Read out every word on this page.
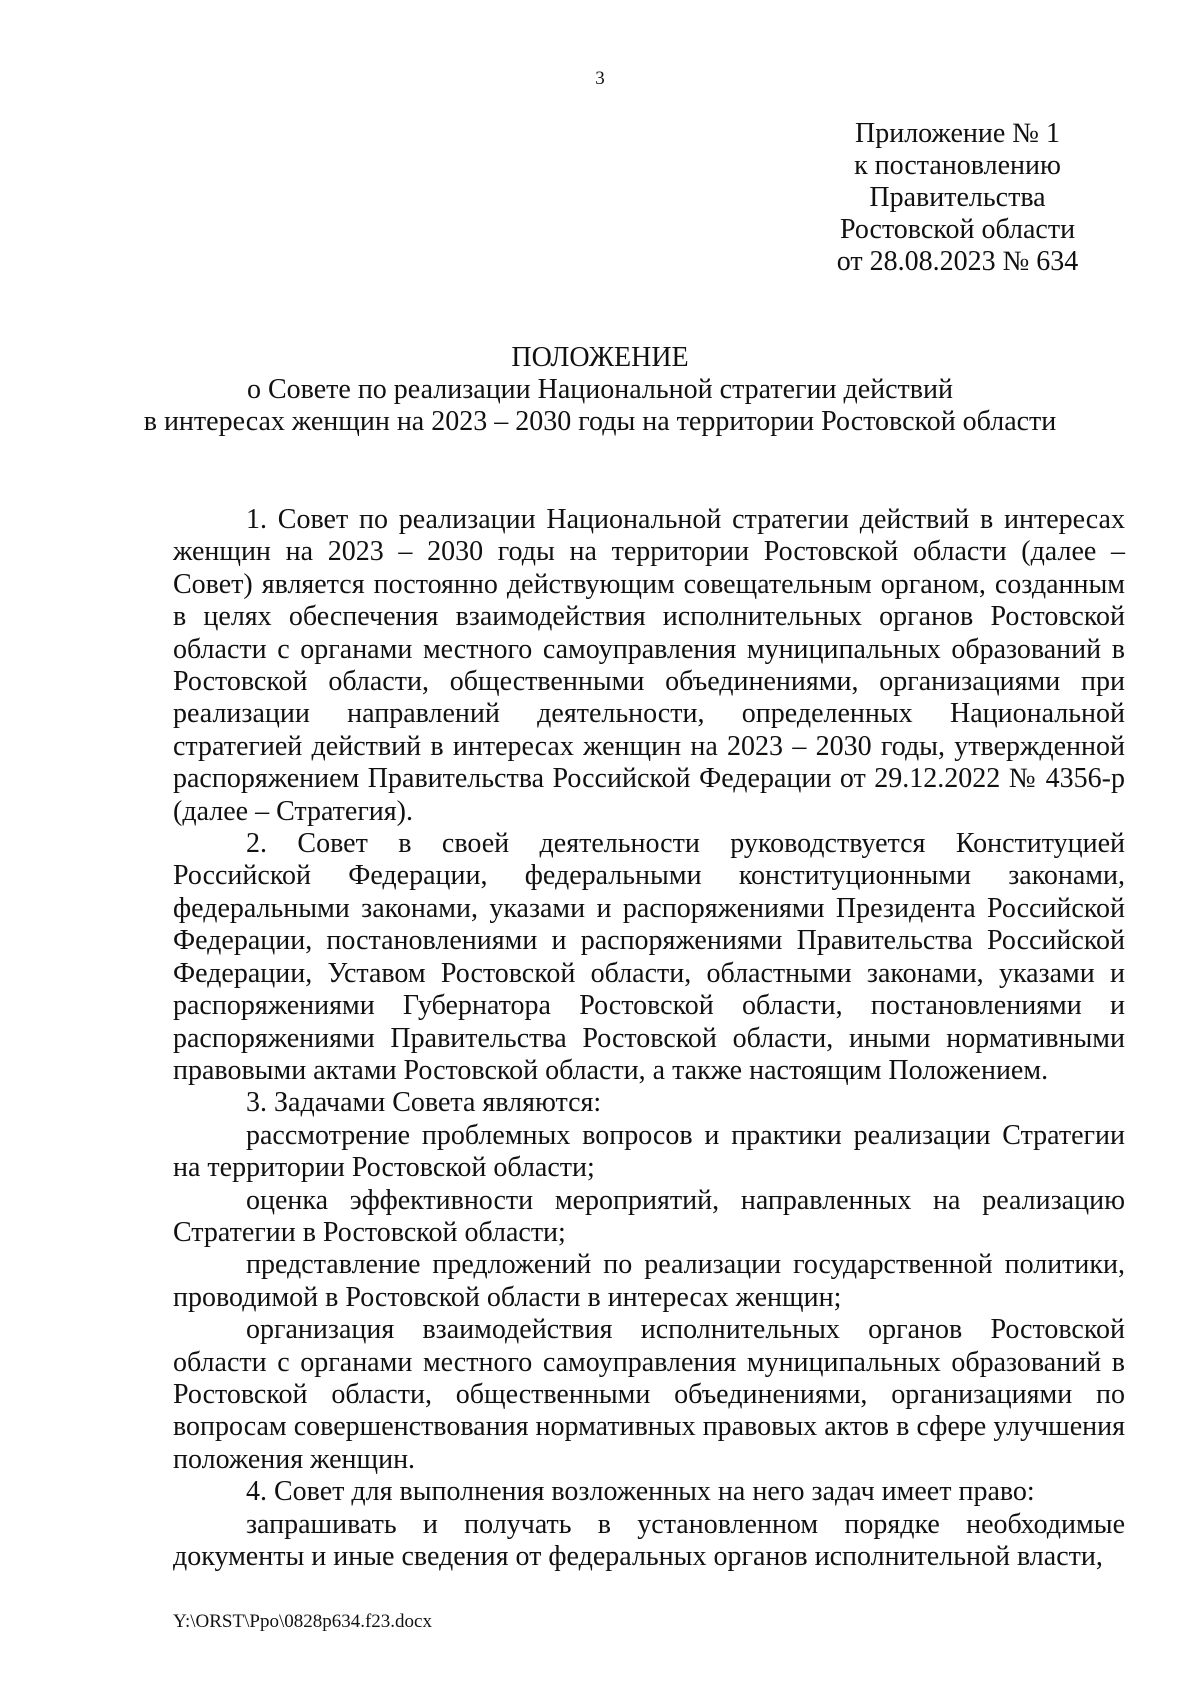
3
Приложение № 1
к постановлению
Правительства
Ростовской области
от 28.08.2023 № 634
ПОЛОЖЕНИЕ
о Совете по реализации Национальной стратегии действий
в интересах женщин на 2023 – 2030 годы на территории Ростовской области

1. Совет по реализации Национальной стратегии действий в интересах женщин на 2023 – 2030 годы на территории Ростовской области (далее – Совет) является постоянно действующим совещательным органом, созданным в целях обеспечения взаимодействия исполнительных органов Ростовской области с органами местного самоуправления муниципальных образований в Ростовской области, общественными объединениями, организациями при реализации направлений деятельности, определенных Национальной стратегией действий в интересах женщин на 2023 – 2030 годы, утвержденной распоряжением Правительства Российской Федерации от 29.12.2022 № 4356-р (далее – Стратегия).

2. Совет в своей деятельности руководствуется Конституцией Российской Федерации, федеральными конституционными законами, федеральными законами, указами и распоряжениями Президента Российской Федерации, постановлениями и распоряжениями Правительства Российской Федерации, Уставом Ростовской области, областными законами, указами и распоряжениями Губернатора Ростовской области, постановлениями и распоряжениями Правительства Ростовской области, иными нормативными правовыми актами Ростовской области, а также настоящим Положением.

3. Задачами Совета являются:

рассмотрение проблемных вопросов и практики реализации Стратегии на территории Ростовской области;

оценка эффективности мероприятий, направленных на реализацию Стратегии в Ростовской области;

представление предложений по реализации государственной политики, проводимой в Ростовской области в интересах женщин;

организация взаимодействия исполнительных органов Ростовской области с органами местного самоуправления муниципальных образований в Ростовской области, общественными объединениями, организациями по вопросам совершенствования нормативных правовых актов в сфере улучшения положения женщин.

4. Совет для выполнения возложенных на него задач имеет право:

запрашивать и получать в установленном порядке необходимые документы и иные сведения от федеральных органов исполнительной власти,

Y:\ORST\Ppo\0828p634.f23.docx
